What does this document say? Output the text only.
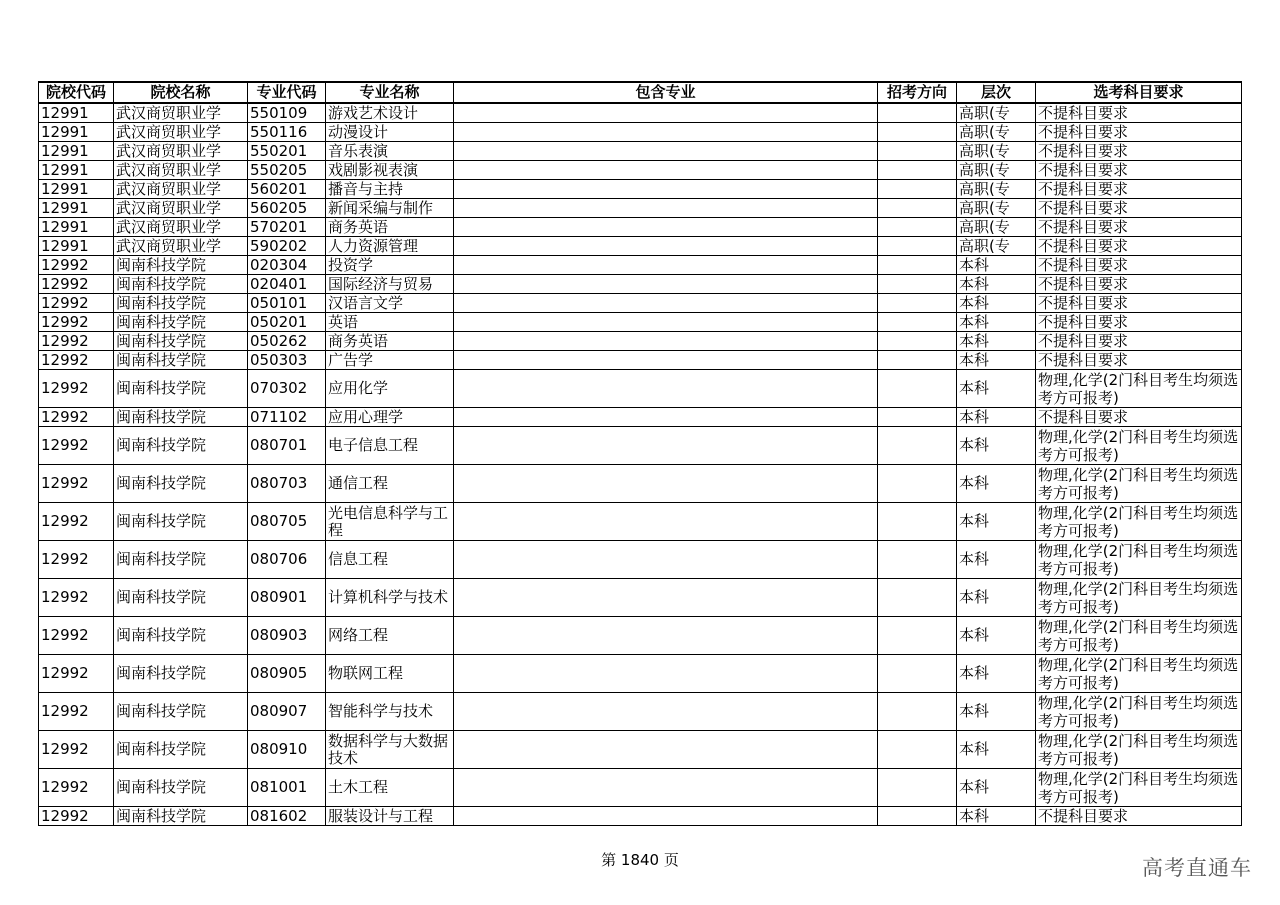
院校代码	院校名称	专业代码	专业名称	包含专业	招考方向	层次	选考科目要求
12991	武汉商贸职业学	550109	游戏艺术设计			高职(专	不提科目要求
12991	武汉商贸职业学	550116	动漫设计			高职(专	不提科目要求
12991	武汉商贸职业学	550201	音乐表演			高职(专	不提科目要求
12991	武汉商贸职业学	550205	戏剧影视表演			高职(专	不提科目要求
12991	武汉商贸职业学	560201	播音与主持			高职(专	不提科目要求
12991	武汉商贸职业学	560205	新闻采编与制作			高职(专	不提科目要求
12991	武汉商贸职业学	570201	商务英语			高职(专	不提科目要求
12991	武汉商贸职业学	590202	人力资源管理			高职(专	不提科目要求
12992	闽南科技学院	020304	投资学			本科	不提科目要求
12992	闽南科技学院	020401	国际经济与贸易			本科	不提科目要求
12992	闽南科技学院	050101	汉语言文学			本科	不提科目要求
12992	闽南科技学院	050201	英语			本科	不提科目要求
12992	闽南科技学院	050262	商务英语			本科	不提科目要求
12992	闽南科技学院	050303	广告学			本科	不提科目要求
12992	闽南科技学院	070302	应用化学			本科	物理,化学(2门科目考生均须选考方可报考)
12992	闽南科技学院	071102	应用心理学			本科	不提科目要求
12992	闽南科技学院	080701	电子信息工程			本科	物理,化学(2门科目考生均须选考方可报考)
12992	闽南科技学院	080703	通信工程			本科	物理,化学(2门科目考生均须选考方可报考)
12992	闽南科技学院	080705	光电信息科学与工程			本科	物理,化学(2门科目考生均须选考方可报考)
12992	闽南科技学院	080706	信息工程			本科	物理,化学(2门科目考生均须选考方可报考)
12992	闽南科技学院	080901	计算机科学与技术			本科	物理,化学(2门科目考生均须选考方可报考)
12992	闽南科技学院	080903	网络工程			本科	物理,化学(2门科目考生均须选考方可报考)
12992	闽南科技学院	080905	物联网工程			本科	物理,化学(2门科目考生均须选考方可报考)
12992	闽南科技学院	080907	智能科学与技术			本科	物理,化学(2门科目考生均须选考方可报考)
12992	闽南科技学院	080910	数据科学与大数据技术			本科	物理,化学(2门科目考生均须选考方可报考)
12992	闽南科技学院	081001	土木工程			本科	物理,化学(2门科目考生均须选考方可报考)
12992	闽南科技学院	081602	服装设计与工程			本科	不提科目要求
第 1840 页	高考直通车
